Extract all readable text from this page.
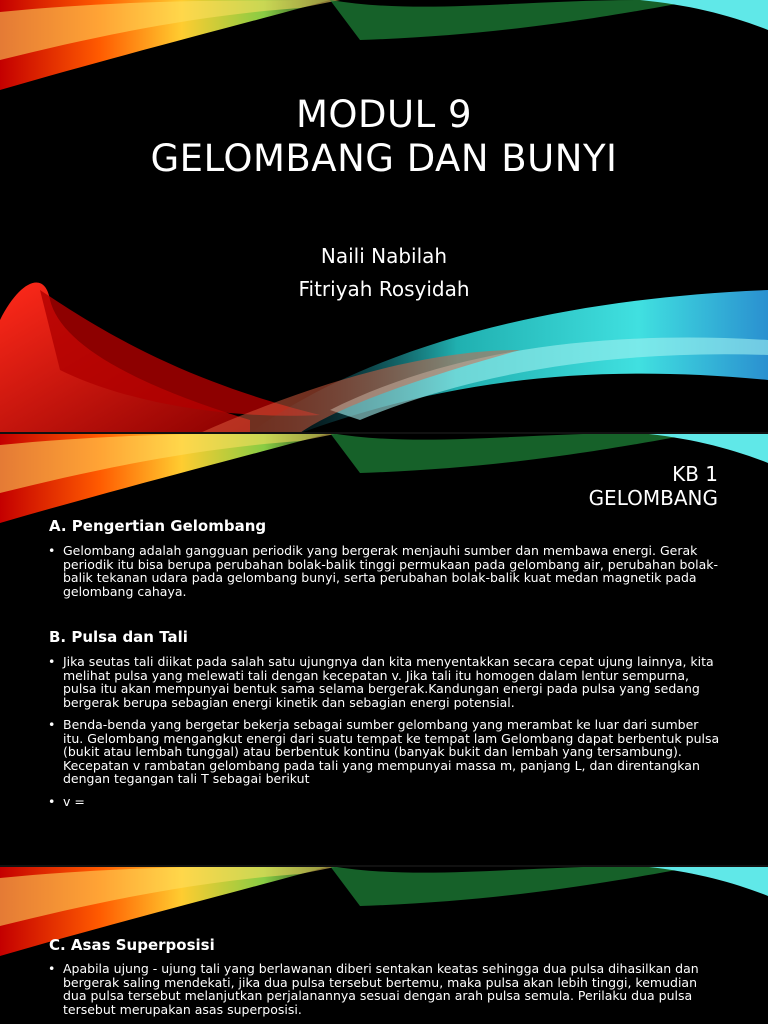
MODUL 9
GELOMBANG DAN BUNYI
Naili Nabilah
Fitriyah Rosyidah
KB 1
GELOMBANG
A. Pengertian Gelombang
• Gelombang adalah gangguan periodik yang bergerak menjauhi sumber dan membawa energi. Gerak periodik itu bisa berupa perubahan bolak-balik tinggi permukaan pada gelombang air, perubahan bolak-balik tekanan udara pada gelombang bunyi, serta perubahan bolak-balik kuat medan magnetik pada gelombang cahaya.
B. Pulsa dan Tali
• Jika seutas tali diikat pada salah satu ujungnya dan kita menyentakkan secara cepat ujung lainnya, kita melihat pulsa yang melewati tali dengan kecepatan v. Jika tali itu homogen dalam lentur sempurna, pulsa itu akan mempunyai bentuk sama selama bergerak.Kandungan energi pada pulsa yang sedang bergerak berupa sebagian energi kinetik dan sebagian energi potensial.
• Benda-benda yang bergetar bekerja sebagai sumber gelombang yang merambat ke luar dari sumber itu. Gelombang mengangkut energi dari suatu tempat ke tempat lam Gelombang dapat berbentuk pulsa (bukit atau lembah tunggal) atau berbentuk kontinu (banyak bukit dan lembah yang tersambung). Kecepatan v rambatan gelombang pada tali yang mempunyai massa m, panjang L, dan direntangkan dengan tegangan tali T sebagai berikut
• v =
C. Asas Superposisi
• Apabila ujung - ujung tali yang berlawanan diberi sentakan keatas sehingga dua pulsa dihasilkan dan bergerak saling mendekati, jika dua pulsa tersebut bertemu, maka pulsa akan lebih tinggi, kemudian dua pulsa tersebut melanjutkan perjalanannya sesuai dengan arah pulsa semula. Perilaku dua pulsa tersebut merupakan asas superposisi.
